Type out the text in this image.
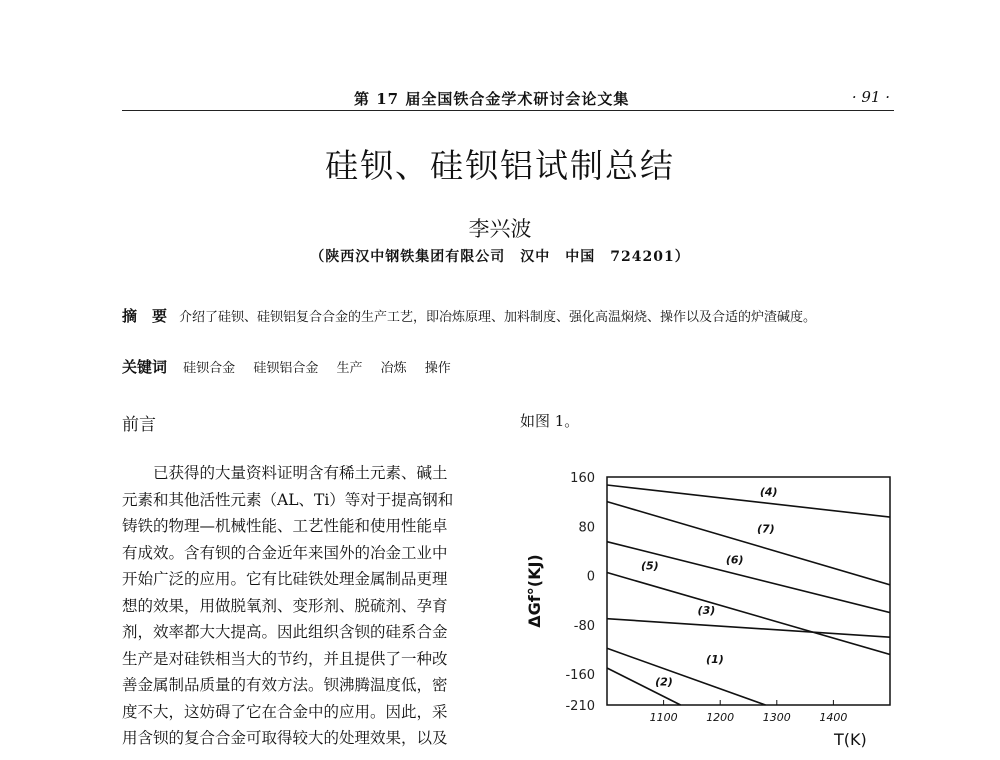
第 17 届全国铁合金学术研讨会论文集	· 91 ·
硅钡、硅钡铝试制总结
李兴波
（陕西汉中钢铁集团有限公司　汉中　中国　724201）
摘　要 介绍了硅钡、硅钡铝复合合金的生产工艺，即冶炼原理、加料制度、强化高温焖烧、操作以及合适的炉渣碱度。
关键词 硅钡合金 硅钡铝合金 生产 冶炼 操作
前言	如图 1。
已获得的大量资料证明含有稀土元素、碱土
元素和其他活性元素（AL、Ti）等对于提高钢和
铸铁的物理—机械性能、工艺性能和使用性能卓
有成效。含有钡的合金近年来国外的冶金工业中
开始广泛的应用。它有比硅铁处理金属制品更理
想的效果，用做脱氧剂、变形剂、脱硫剂、孕育
剂，效率都大大提高。因此组织含钡的硅系合金
生产是对硅铁相当大的节约，并且提供了一种改
善金属制品质量的有效方法。钡沸腾温度低，密
度不大，这妨碍了它在合金中的应用。因此，采
用含钡的复合合金可取得较大的处理效果，以及
(4)
(7)
(6)
(5)
(3)
(1)
(2)
160
80
0
-80
-160
-210
1100	1200	1300	1400
T(K)
ΔGf°(KJ)
